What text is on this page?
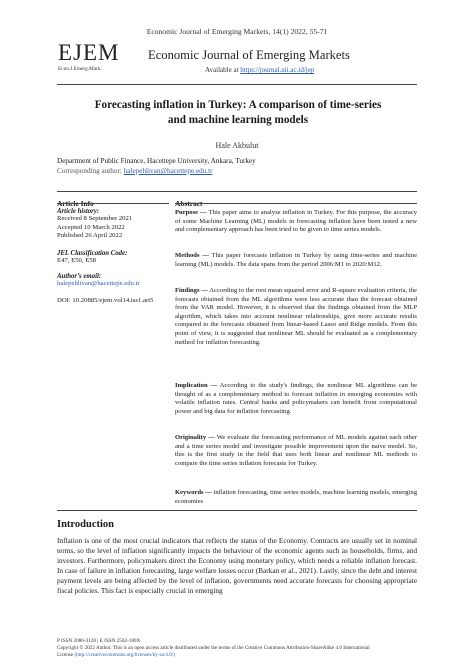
Economic Journal of Emerging Markets, 14(1) 2022, 55-71
EJEM
Econ.J.Emerg.Mark.
Economic Journal of Emerging Markets
Available at https://journal.uii.ac.id/jep
Forecasting inflation in Turkey: A comparison of time-series
and machine learning models
Hale Akbulut
Department of Public Finance, Hacettepe University, Ankara, Turkey
Corresponding author: halepehlivan@hacettepe.edu.tr
Article Info	Abstract
Article history:
Received 8 September 2021
Accepted 10 March 2022
Published 26 April 2022
JEL Classification Code:
E47, E50, E58
Author’s email:
halepehlivan@hacettepe.edu.tr
DOI: 10.20885/ejem.vol14.iss1.art5
Purpose — This paper aims to analyse inflation in Turkey. For this purpose, the accuracy of some Machine Learning (ML) models in forecasting inflation have been tested a new and complementary approach has been tried to be given to time series models.
Methods — This paper forecasts inflation in Turkey by using time-series and machine learning (ML) models. The data spans from the period 2006:M1 to 2020:M12.
Findings — According to the root mean squared error and R-square evaluation criteria, the forecasts obtained from the ML algorithms were less accurate than the forecast obtained from the VAR model. However, it is observed that the findings obtained from the MLP algorithm, which takes into account nonlinear relationships, give more accurate results compared to the forecasts obtained from linear-based Lasso and Ridge models. From this point of view, it is suggested that nonlinear ML should be evaluated as a complementary method for inflation forecasting.
Implication — According to the study's findings, the nonlinear ML algorithms can be thought of as a complementary method to forecast inflation in emerging economies with volatile inflation rates. Central banks and policymakers can benefit from computational power and big data for inflation forecasting.
Originality — We evaluate the forecasting performance of ML models against each other and a time series model and investigate possible improvement upon the naive model. So, this is the first study in the field that uses both linear and nonlinear ML methods to compare the time series inflation forecasts for Turkey.
Keywords — inflation forecasting, time series models, machine learning models, emerging economies
Introduction
Inflation is one of the most crucial indicators that reflects the status of the Economy. Contracts are usually set in nominal terms, so the level of inflation significantly impacts the behaviour of the economic agents such as households, firms, and investors. Furthermore, policymakers direct the Economy using monetary policy, which needs a reliable inflation forecast. In case of failure in inflation forecasting, large welfare losses occur (Barkan et al., 2021). Lastly, since the debt and interest payment levels are being affected by the level of inflation, governments need accurate forecasts for choosing appropriate fiscal policies. This fact is especially crucial in emerging
P ISSN 2086-3128 | E ISSN 2502-180X
Copyright © 2022 Author. This is an open access article distributed under the terms of the Creative Commons Attribution-ShareAlike 4.0 International
License (http://creativecommons.org/licenses/by-sa/4.0/)
